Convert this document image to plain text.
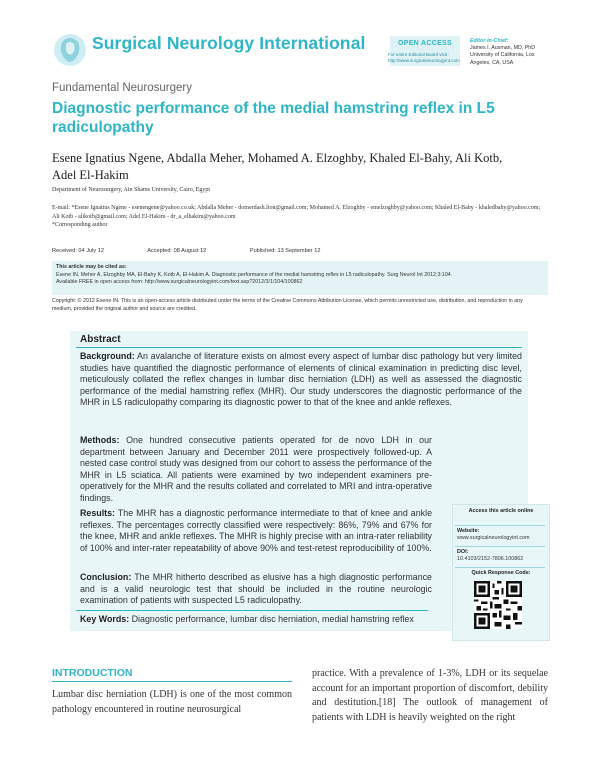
Surgical Neurology International	OPEN ACCESS
For entire Editorial Board visit :
http://www.surgicalneurologyint.com
Editor-in-Chief:
James I. Ausman, MD, PhD
University of California, Los
Angeles, CA, USA
Fundamental Neurosurgery
Diagnostic performance of the medial hamstring reflex in L5 radiculopathy
Esene Ignatius Ngene, Abdalla Meher, Mohamed A. Elzoghby, Khaled El-Bahy, Ali Kotb, Adel El-Hakim
Department of Neurosurgery, Ain Shams University, Cairo, Egypt
E-mail: *Esene Ignatius Ngene - esenengene@yahoo.co.uk; Abdalla Meher - domerdash.lion@gmail.com; Mohamed A. Elzoghby - emelzoghby@yahoo.com; Khaled El-Bahy - khaledbahy@yahoo.com; Ali Kotb - alikotb@gmail.com; Adel El-Hakim - dr_a_elhakim@yahoo.com
*Corresponding author
Received: 04 July 12	Accepted: 08 August 12	Published: 13 September 12
This article may be cited as:
Esene IN, Meher A, Elzoghby MA, El-Bahy K, Kotb A, El-Hakim A. Diagnostic performance of the medial hamstring reflex in L5 radiculopathy. Surg Neurol Int 2012;3:104.
Available FREE in open access from: http://www.surgicalneurologyint.com/text.asp?2012/3/1/104/100862
Copyright: © 2012 Esene IN. This is an open-access article distributed under the terms of the Creative Commons Attribution License, which permits unrestricted use, distribution, and reproduction in any medium, provided the original author and source are credited.
Abstract
Background: An avalanche of literature exists on almost every aspect of lumbar disc pathology but very limited studies have quantified the diagnostic performance of elements of clinical examination in predicting disc level, meticulously collated the reflex changes in lumbar disc herniation (LDH) as well as assessed the diagnostic performance of the medial hamstring reflex (MHR). Our study underscores the diagnostic performance of the MHR in L5 radiculopathy comparing its diagnostic power to that of the knee and ankle reflexes.
Methods: One hundred consecutive patients operated for de novo LDH in our department between January and December 2011 were prospectively followed-up. A nested case control study was designed from our cohort to assess the performance of the MHR in L5 sciatica. All patients were examined by two independent examiners pre-operatively for the MHR and the results collated and correlated to MRI and intra-operative findings.
Results: The MHR has a diagnostic performance intermediate to that of knee and ankle reflexes. The percentages correctly classified were respectively: 86%, 79% and 67% for the knee, MHR and ankle reflexes. The MHR is highly precise with an intra-rater reliability of 100% and inter-rater repeatability of above 90% and test-retest reproducibility of 100%.
Conclusion: The MHR hitherto described as elusive has a high diagnostic performance and is a valid neurologic test that should be included in the routine neurologic examination of patients with suspected L5 radiculopathy.
Key Words: Diagnostic performance, lumbar disc herniation, medial hamstring reflex
Access this article online
Website:
www.surgicalneurologyint.com
DOI:
10.4103/2152-7806.100862
Quick Response Code:
INTRODUCTION
Lumbar disc herniation (LDH) is one of the most common pathology encountered in routine neurosurgical
practice. With a prevalence of 1-3%, LDH or its sequelae account for an important proportion of discomfort, debility and destitution.[18] The outlook of management of patients with LDH is heavily weighted on the right
